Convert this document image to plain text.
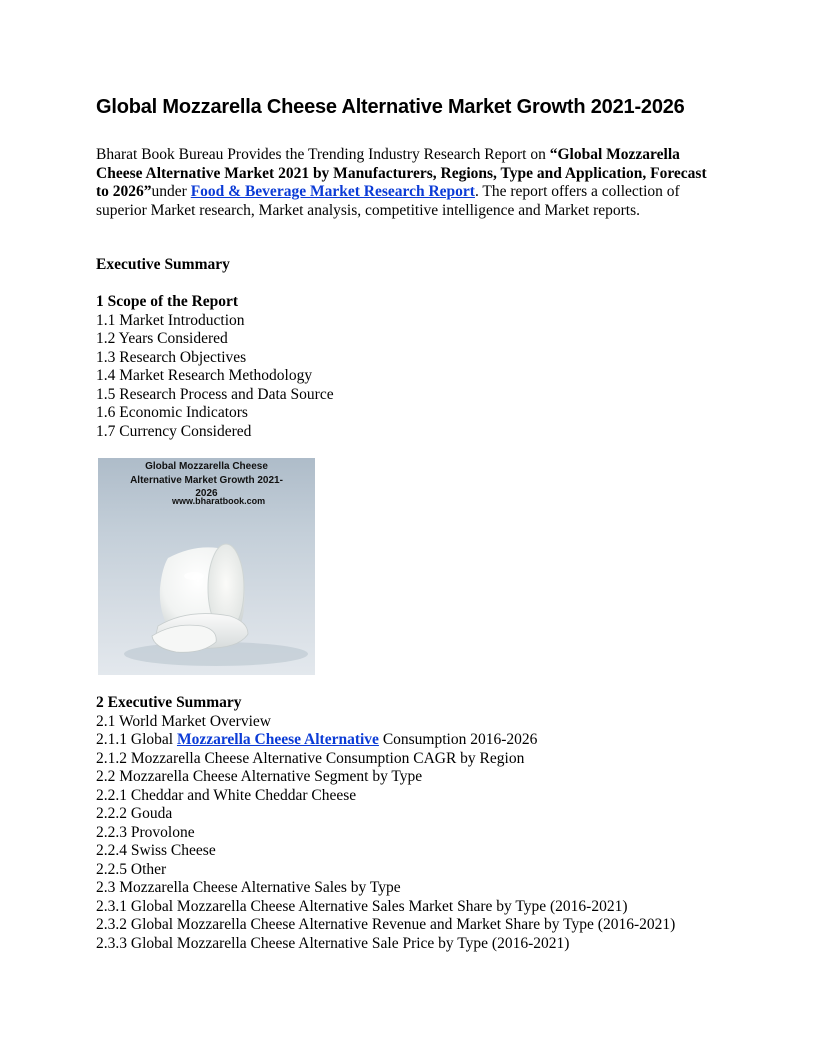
Global Mozzarella Cheese Alternative Market Growth 2021-2026
Bharat Book Bureau Provides the Trending Industry Research Report on “Global Mozzarella Cheese Alternative Market 2021 by Manufacturers, Regions, Type and Application, Forecast to 2026”under Food & Beverage Market Research Report. The report offers a collection of superior Market research, Market analysis, competitive intelligence and Market reports.
Executive Summary
1 Scope of the Report
1.1 Market Introduction
1.2 Years Considered
1.3 Research Objectives
1.4 Market Research Methodology
1.5 Research Process and Data Source
1.6 Economic Indicators
1.7 Currency Considered
Global Mozzarella Cheese
Alternative Market Growth 2021-
2026
www.bharatbook.com
2 Executive Summary
2.1 World Market Overview
2.1.1 Global Mozzarella Cheese Alternative Consumption 2016-2026
2.1.2 Mozzarella Cheese Alternative Consumption CAGR by Region
2.2 Mozzarella Cheese Alternative Segment by Type
2.2.1 Cheddar and White Cheddar Cheese
2.2.2 Gouda
2.2.3 Provolone
2.2.4 Swiss Cheese
2.2.5 Other
2.3 Mozzarella Cheese Alternative Sales by Type
2.3.1 Global Mozzarella Cheese Alternative Sales Market Share by Type (2016-2021)
2.3.2 Global Mozzarella Cheese Alternative Revenue and Market Share by Type (2016-2021)
2.3.3 Global Mozzarella Cheese Alternative Sale Price by Type (2016-2021)
